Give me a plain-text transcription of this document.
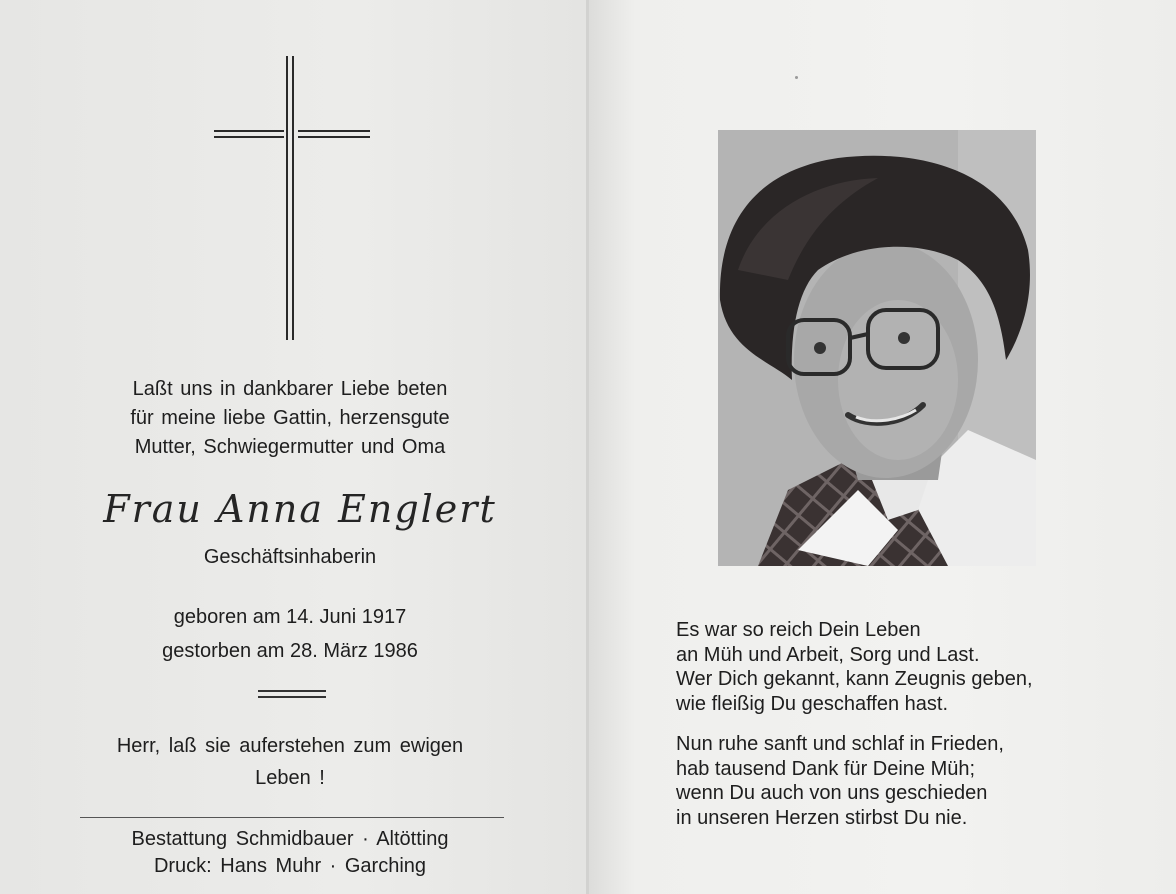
Laßt uns in dankbarer Liebe beten
für meine liebe Gattin, herzensgute
Mutter, Schwiegermutter und Oma
Frau Anna Englert
Geschäftsinhaberin
geboren am 14. Juni 1917
gestorben am 28. März 1986
Herr, laß sie auferstehen zum ewigen
Leben !
Bestattung Schmidbauer · Altötting
Druck: Hans Muhr · Garching
Es war so reich Dein Leben
an Müh und Arbeit, Sorg und Last.
Wer Dich gekannt, kann Zeugnis geben,
wie fleißig Du geschaffen hast.
Nun ruhe sanft und schlaf in Frieden,
hab tausend Dank für Deine Müh;
wenn Du auch von uns geschieden
in unseren Herzen stirbst Du nie.
